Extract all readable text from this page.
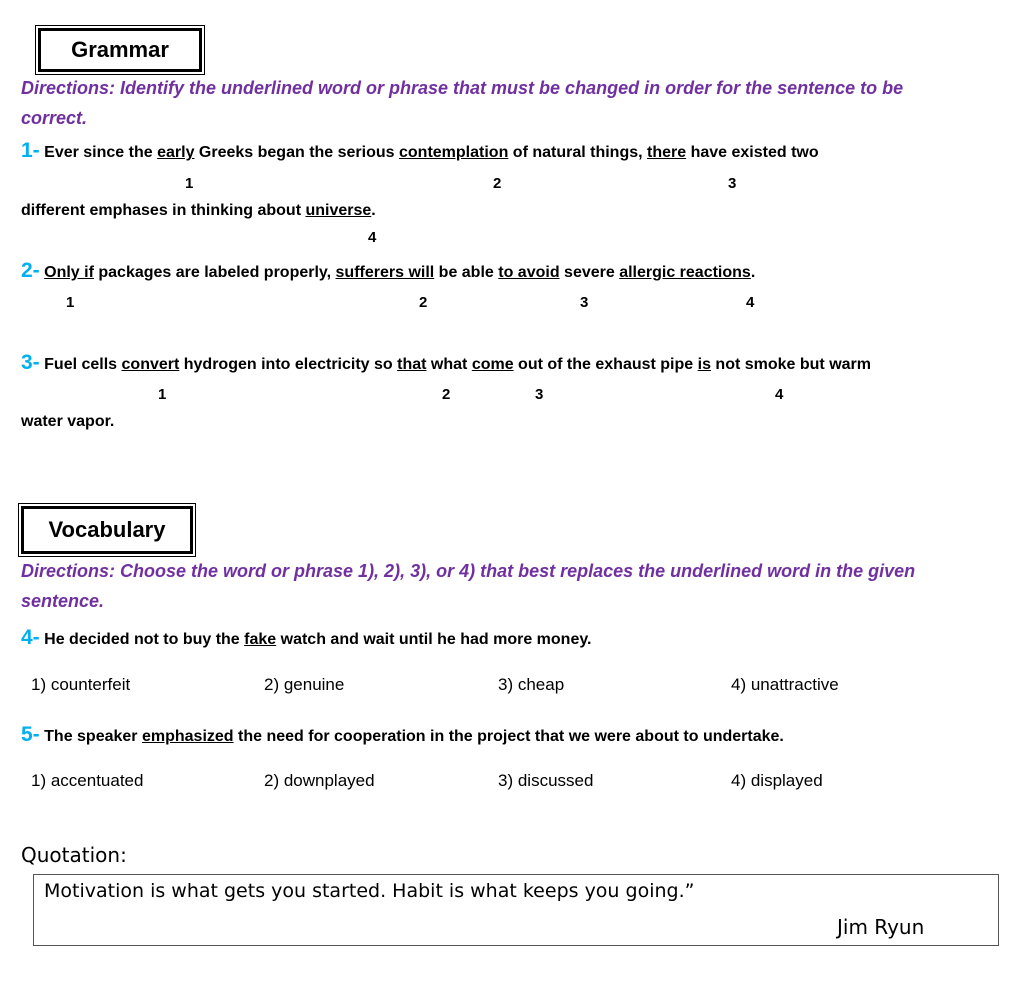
Grammar
Directions: Identify the underlined word or phrase that must be changed in order for the sentence to be
correct.
1- Ever since the early Greeks began the serious contemplation of natural things, there have existed two
1	2	3
different emphases in thinking about universe.
4
2- Only if packages are labeled properly, sufferers will be able to avoid severe allergic reactions.
1	2	3	4
3- Fuel cells convert hydrogen into electricity so that what come out of the exhaust pipe is not smoke but warm
1	2	3	4
water vapor.
Vocabulary
Directions: Choose the word or phrase 1), 2), 3), or 4) that best replaces the underlined word in the given
sentence.
4- He decided not to buy the fake watch and wait until he had more money.
1) counterfeit	2) genuine	3) cheap	4) unattractive
5- The speaker emphasized the need for cooperation in the project that we were about to undertake.
1) accentuated	2) downplayed	3) discussed	4) displayed
Quotation:
Motivation is what gets you started. Habit is what keeps you going.”
Jim Ryun
